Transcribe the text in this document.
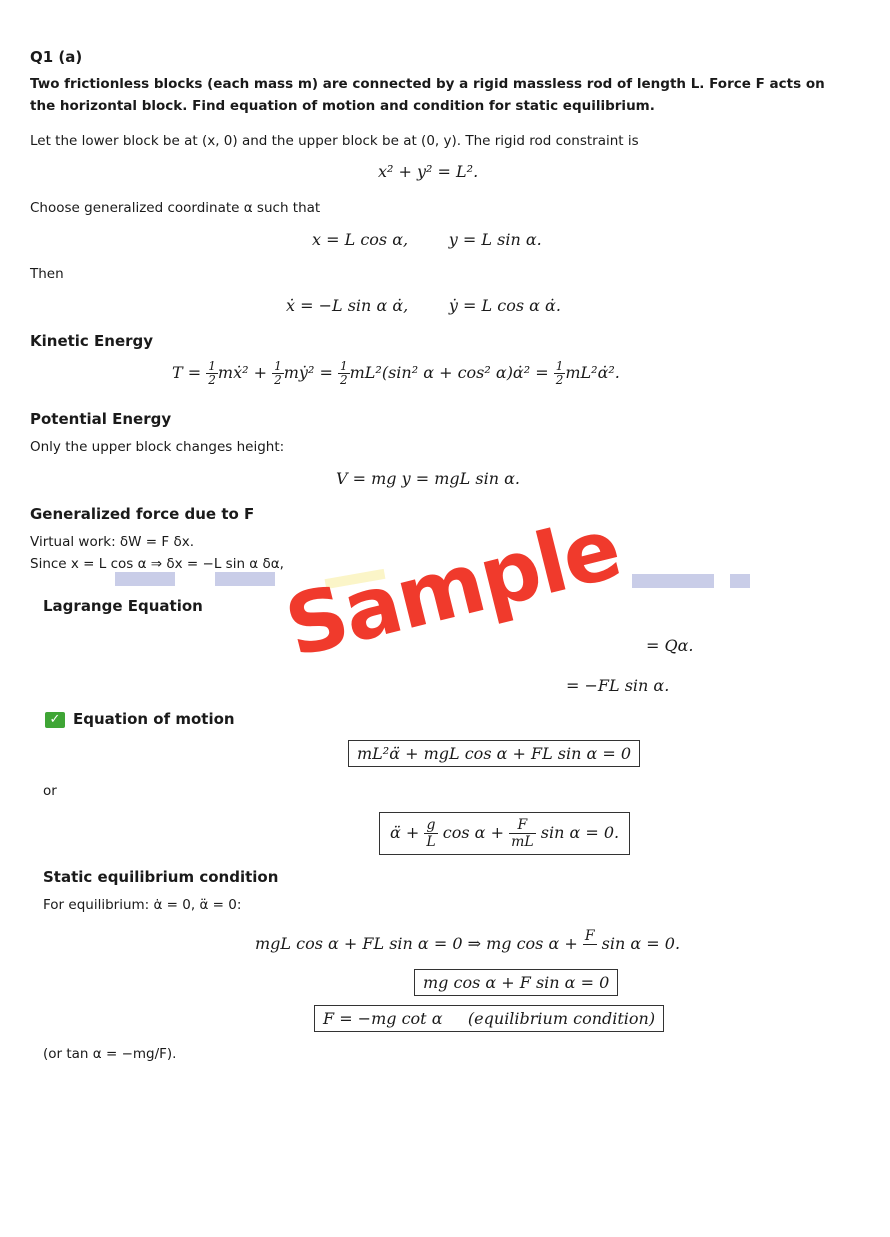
Q1 (a)
Two frictionless blocks (each mass m) are connected by a rigid massless rod of length L. Force F acts on
the horizontal block. Find equation of motion and condition for static equilibrium.
Let the lower block be at (x, 0) and the upper block be at (0, y). The rigid rod constraint is
x² + y² = L².
Choose generalized coordinate α such that
x = L cos α,        y = L sin α.
Then
ẋ = −L sin α α̇,        ẏ = L cos α α̇.
Kinetic Energy
$T = \frac{1}{2}$ mẋ² + $\frac{1}{2}$ mẏ² = $\frac{1}{2} mL^2(\sin^2$ α + cos² α)α̇² = $\frac{1}{2}$ mL²α̇².
Potential Energy
Only the upper block changes height:
V = mg y = mgL sin α.
Generalized force due to F
Virtual work: δW = F δx.
Since x = L cos α ⇒ δx = −L sin α δα,
Lagrange Equation
= Qα.
= −FL sin α.
✓ Equation of motion
mL²α̈ + mgL cos α + FL sin α = 0
or
α̈ + $\frac{g}{L}$ $\cos \alpha + \frac{F}{mL}$ sin α = 0.
Static equilibrium condition
For equilibrium: α̇ = 0, α̈ = 0:
mgL cos α + FL sin α = 0 ⇒ mg cos α + F
sin α = 0.
mg cos α + F sin α = 0
F = −mg cot α     (equilibrium condition)
(or tan α = −mg/F).
Sample
